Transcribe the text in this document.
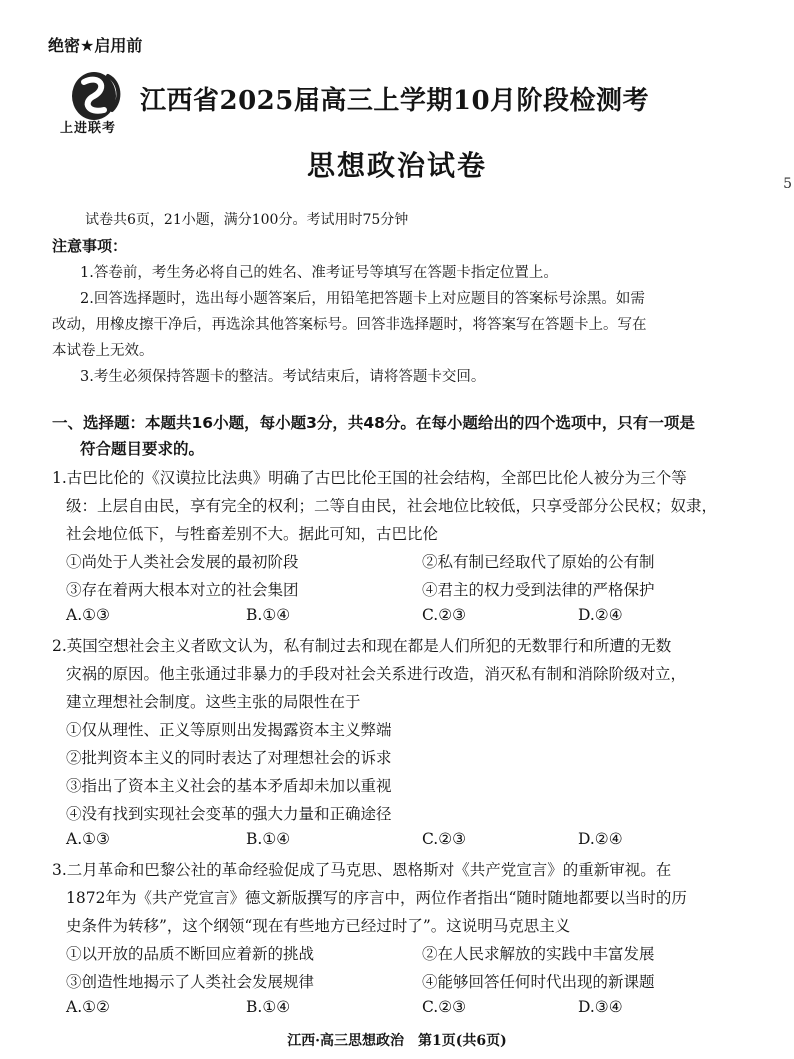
绝密★启用前
上进联考
江西省2025届高三上学期10月阶段检测考
思想政治试卷
5
试卷共6页，21小题，满分100分。考试用时75分钟
注意事项：
1.答卷前，考生务必将自己的姓名、准考证号等填写在答题卡指定位置上。
2.回答选择题时，选出每小题答案后，用铅笔把答题卡上对应题目的答案标号涂黑。如需
改动，用橡皮擦干净后，再选涂其他答案标号。回答非选择题时，将答案写在答题卡上。写在
本试卷上无效。
3.考生必须保持答题卡的整洁。考试结束后，请将答题卡交回。
一、选择题：本题共16小题，每小题3分，共48分。在每小题给出的四个选项中，只有一项是
符合题目要求的。
1.古巴比伦的《汉谟拉比法典》明确了古巴比伦王国的社会结构，全部巴比伦人被分为三个等
级：上层自由民，享有完全的权利；二等自由民，社会地位比较低，只享受部分公民权；奴隶，
社会地位低下，与牲畜差别不大。据此可知，古巴比伦
①尚处于人类社会发展的最初阶段	②私有制已经取代了原始的公有制
③存在着两大根本对立的社会集团	④君主的权力受到法律的严格保护
A.①③	B.①④	C.②③	D.②④
2.英国空想社会主义者欧文认为，私有制过去和现在都是人们所犯的无数罪行和所遭的无数
灾祸的原因。他主张通过非暴力的手段对社会关系进行改造，消灭私有制和消除阶级对立，
建立理想社会制度。这些主张的局限性在于
①仅从理性、正义等原则出发揭露资本主义弊端
②批判资本主义的同时表达了对理想社会的诉求
③指出了资本主义社会的基本矛盾却未加以重视
④没有找到实现社会变革的强大力量和正确途径
A.①③	B.①④	C.②③	D.②④
3.二月革命和巴黎公社的革命经验促成了马克思、恩格斯对《共产党宣言》的重新审视。在
1872年为《共产党宣言》德文新版撰写的序言中，两位作者指出“随时随地都要以当时的历
史条件为转移”，这个纲领“现在有些地方已经过时了”。这说明马克思主义
①以开放的品质不断回应着新的挑战	②在人民求解放的实践中丰富发展
③创造性地揭示了人类社会发展规律	④能够回答任何时代出现的新课题
A.①②	B.①④	C.②③	D.③④
江西·高三思想政治　第1页(共6页)
